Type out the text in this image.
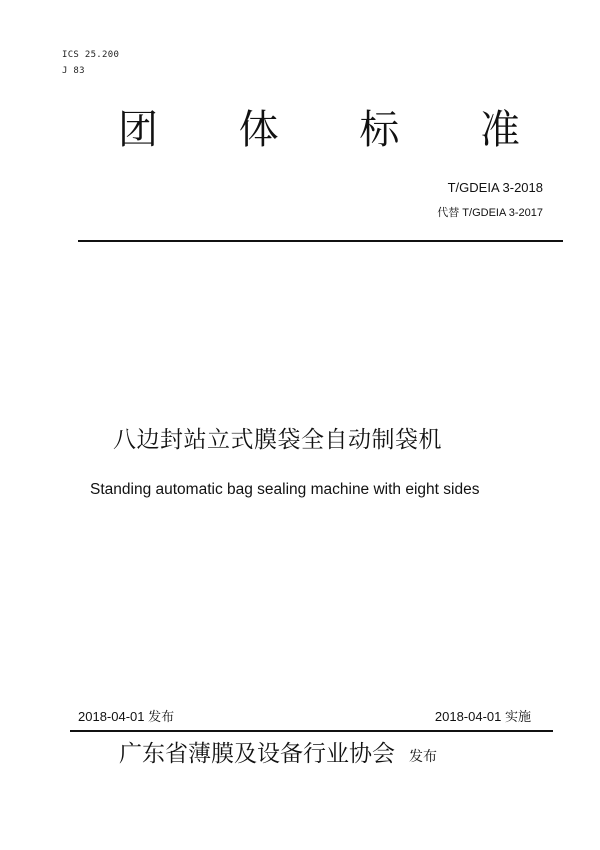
ICS 25.200
J 83
团 体 标 准
T/GDEIA 3-2018
代替 T/GDEIA 3-2017
八边封站立式膜袋全自动制袋机
Standing automatic bag sealing machine with eight sides
2018-04-01 发布	2018-04-01 实施
广东省薄膜及设备行业协会 发布
